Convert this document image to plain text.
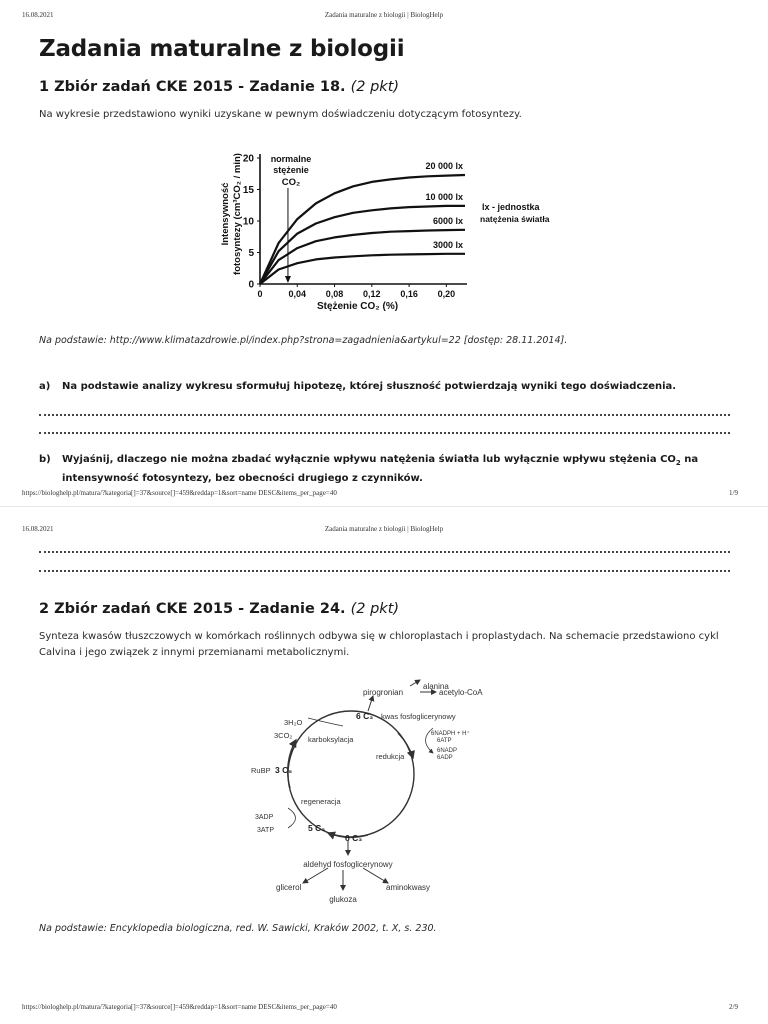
16.08.2021	Zadania maturalne z biologii | BiologHelp
Zadania maturalne z biologii
1 Zbiór zadań CKE 2015 - Zadanie 18. (2 pkt)
Na wykresie przedstawiono wyniki uzyskane w pewnym doświadczeniu dotyczącym fotosyntezy.
0
5
10
15
20
0	0,04 0,08 0,12 0,16 0,20
Stężenie CO₂ (%)
Intensywność fotosyntezy (cm³CO₂ / min)	normalne
stężenie
CO₂
20 000 lx
10 000 lx
6000 lx
3000 lx
lx - jednostka
natężenia światła
Na podstawie: http://www.klimatazdrowie.pl/index.php?strona=zagadnienia&artykul=22 [dostęp: 28.11.2014].
a) Na podstawie analizy wykresu sformułuj hipotezę, której słuszność potwierdzają wyniki tego doświadczenia.
b) Wyjaśnij, dlaczego nie można zbadać wyłącznie wpływu natężenia światła lub wyłącznie wpływu stężenia $CO_2$ na intensywność fotosyntezy, bez obecności drugiego z czynników.
https://biologhelp.pl/matura/?kategoria[]=37&source[]=459&reddap=1&sort=name DESC&items_per_page=40	1/9
16.08.2021	Zadania maturalne z biologii | BiologHelp
2 Zbiór zadań CKE 2015 - Zadanie 24. (2 pkt)
Synteza kwasów tłuszczowych w komórkach roślinnych odbywa się w chloroplastach i proplastydach. Na schemacie przedstawiono cykl Calvina i jego związek z innymi przemianami metabolicznymi.
alanina
pirogronian	acetylo-CoA
6 C₃ kwas fosfoglicerynowy
3H₂O
3CO₂ karboksylacja
6NADPH + H⁺
6ATP
6NADP
6ADP
redukcja
RuBP 3 C₅
regeneracja
3ADP
3ATP	5 C₃
6 C₃
aldehyd fosfoglicerynowy
glicerol
glukoza
aminokwasy
Na podstawie: Encyklopedia biologiczna, red. W. Sawicki, Kraków 2002, t. X, s. 230.
https://biologhelp.pl/matura/?kategoria[]=37&source[]=459&reddap=1&sort=name DESC&items_per_page=40	2/9
